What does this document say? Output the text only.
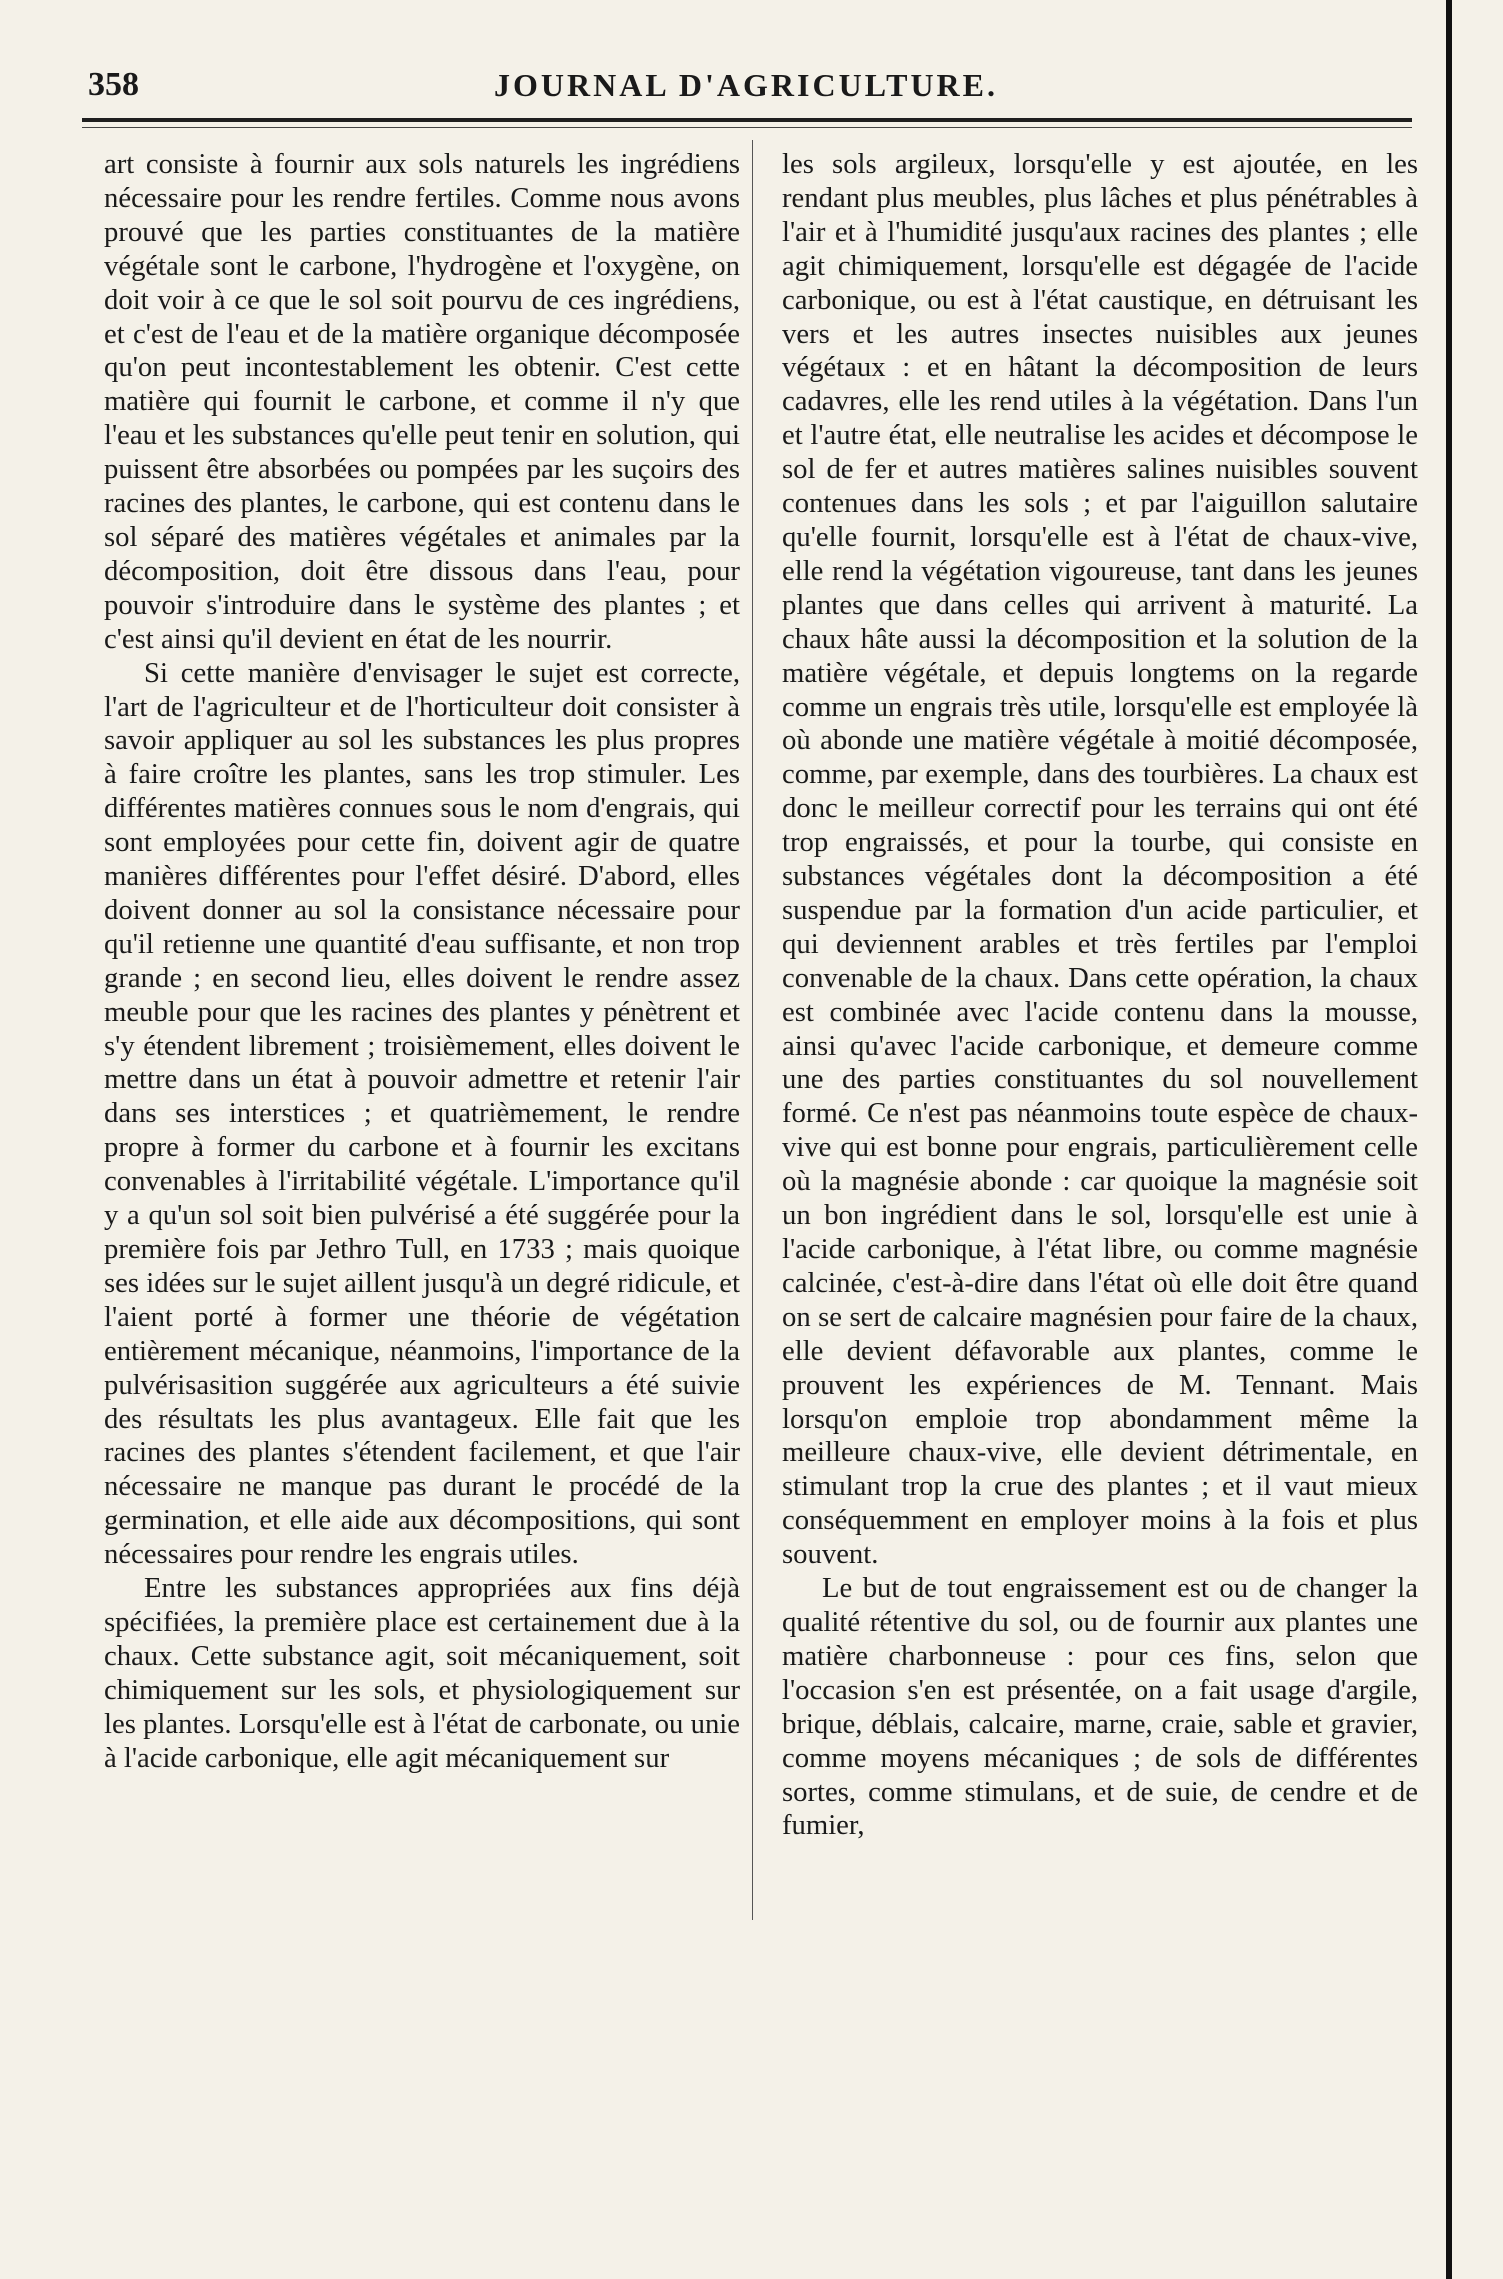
358	JOURNAL D'AGRICULTURE.

art consiste à fournir aux sols naturels les ingrédiens nécessaire pour les rendre fertiles. Comme nous avons prouvé que les parties constituantes de la matière végétale sont le carbone, l'hydrogène et l'oxygène, on doit voir à ce que le sol soit pourvu de ces ingrédiens, et c'est de l'eau et de la matière organique décomposée qu'on peut incontestablement les obtenir. C'est cette matière qui fournit le carbone, et comme il n'y que l'eau et les substances qu'elle peut tenir en solution, qui puissent être absorbées ou pompées par les suçoirs des racines des plantes, le carbone, qui est contenu dans le sol séparé des matières végétales et animales par la décomposition, doit être dissous dans l'eau, pour pouvoir s'introduire dans le système des plantes ; et c'est ainsi qu'il devient en état de les nourrir.

Si cette manière d'envisager le sujet est correcte, l'art de l'agriculteur et de l'horticulteur doit consister à savoir appliquer au sol les substances les plus propres à faire croître les plantes, sans les trop stimuler. Les différentes matières connues sous le nom d'engrais, qui sont employées pour cette fin, doivent agir de quatre manières différentes pour l'effet désiré. D'abord, elles doivent donner au sol la consistance nécessaire pour qu'il retienne une quantité d'eau suffisante, et non trop grande ; en second lieu, elles doivent le rendre assez meuble pour que les racines des plantes y pénètrent et s'y étendent librement ; troisièmement, elles doivent le mettre dans un état à pouvoir admettre et retenir l'air dans ses interstices ; et quatrièmement, le rendre propre à former du carbone et à fournir les excitans convenables à l'irritabilité végétale. L'importance qu'il y a qu'un sol soit bien pulvérisé a été suggérée pour la première fois par Jethro Tull, en 1733 ; mais quoique ses idées sur le sujet aillent jusqu'à un degré ridicule, et l'aient porté à former une théorie de végétation entièrement mécanique, néanmoins, l'importance de la pulvérisasition suggérée aux agriculteurs a été suivie des résultats les plus avantageux. Elle fait que les racines des plantes s'étendent facilement, et que l'air nécessaire ne manque pas durant le procédé de la germination, et elle aide aux décompositions, qui sont nécessaires pour rendre les engrais utiles.

Entre les substances appropriées aux fins déjà spécifiées, la première place est certainement due à la chaux. Cette substance agit, soit mécaniquement, soit chimiquement sur les sols, et physiologiquement sur les plantes. Lorsqu'elle est à l'état de carbonate, ou unie à l'acide carbonique, elle agit mécaniquement sur

les sols argileux, lorsqu'elle y est ajoutée, en les rendant plus meubles, plus lâches et plus pénétrables à l'air et à l'humidité jusqu'aux racines des plantes ; elle agit chimiquement, lorsqu'elle est dégagée de l'acide carbonique, ou est à l'état caustique, en détruisant les vers et les autres insectes nuisibles aux jeunes végétaux : et en hâtant la décomposition de leurs cadavres, elle les rend utiles à la végétation. Dans l'un et l'autre état, elle neutralise les acides et décompose le sol de fer et autres matières salines nuisibles souvent contenues dans les sols ; et par l'aiguillon salutaire qu'elle fournit, lorsqu'elle est à l'état de chaux-vive, elle rend la végétation vigoureuse, tant dans les jeunes plantes que dans celles qui arrivent à maturité. La chaux hâte aussi la décomposition et la solution de la matière végétale, et depuis longtems on la regarde comme un engrais très utile, lorsqu'elle est employée là où abonde une matière végétale à moitié décomposée, comme, par exemple, dans des tourbières. La chaux est donc le meilleur correctif pour les terrains qui ont été trop engraissés, et pour la tourbe, qui consiste en substances végétales dont la décomposition a été suspendue par la formation d'un acide particulier, et qui deviennent arables et très fertiles par l'emploi convenable de la chaux. Dans cette opération, la chaux est combinée avec l'acide contenu dans la mousse, ainsi qu'avec l'acide carbonique, et demeure comme une des parties constituantes du sol nouvellement formé. Ce n'est pas néanmoins toute espèce de chaux-vive qui est bonne pour engrais, particulièrement celle où la magnésie abonde : car quoique la magnésie soit un bon ingrédient dans le sol, lorsqu'elle est unie à l'acide carbonique, à l'état libre, ou comme magnésie calcinée, c'est-à-dire dans l'état où elle doit être quand on se sert de calcaire magnésien pour faire de la chaux, elle devient défavorable aux plantes, comme le prouvent les expériences de M. Tennant. Mais lorsqu'on emploie trop abondamment même la meilleure chaux-vive, elle devient détrimentale, en stimulant trop la crue des plantes ; et il vaut mieux conséquemment en employer moins à la fois et plus souvent.

Le but de tout engraissement est ou de changer la qualité rétentive du sol, ou de fournir aux plantes une matière charbonneuse : pour ces fins, selon que l'occasion s'en est présentée, on a fait usage d'argile, brique, déblais, calcaire, marne, craie, sable et gravier, comme moyens mécaniques ; de sols de différentes sortes, comme stimulans, et de suie, de cendre et de fumier,
